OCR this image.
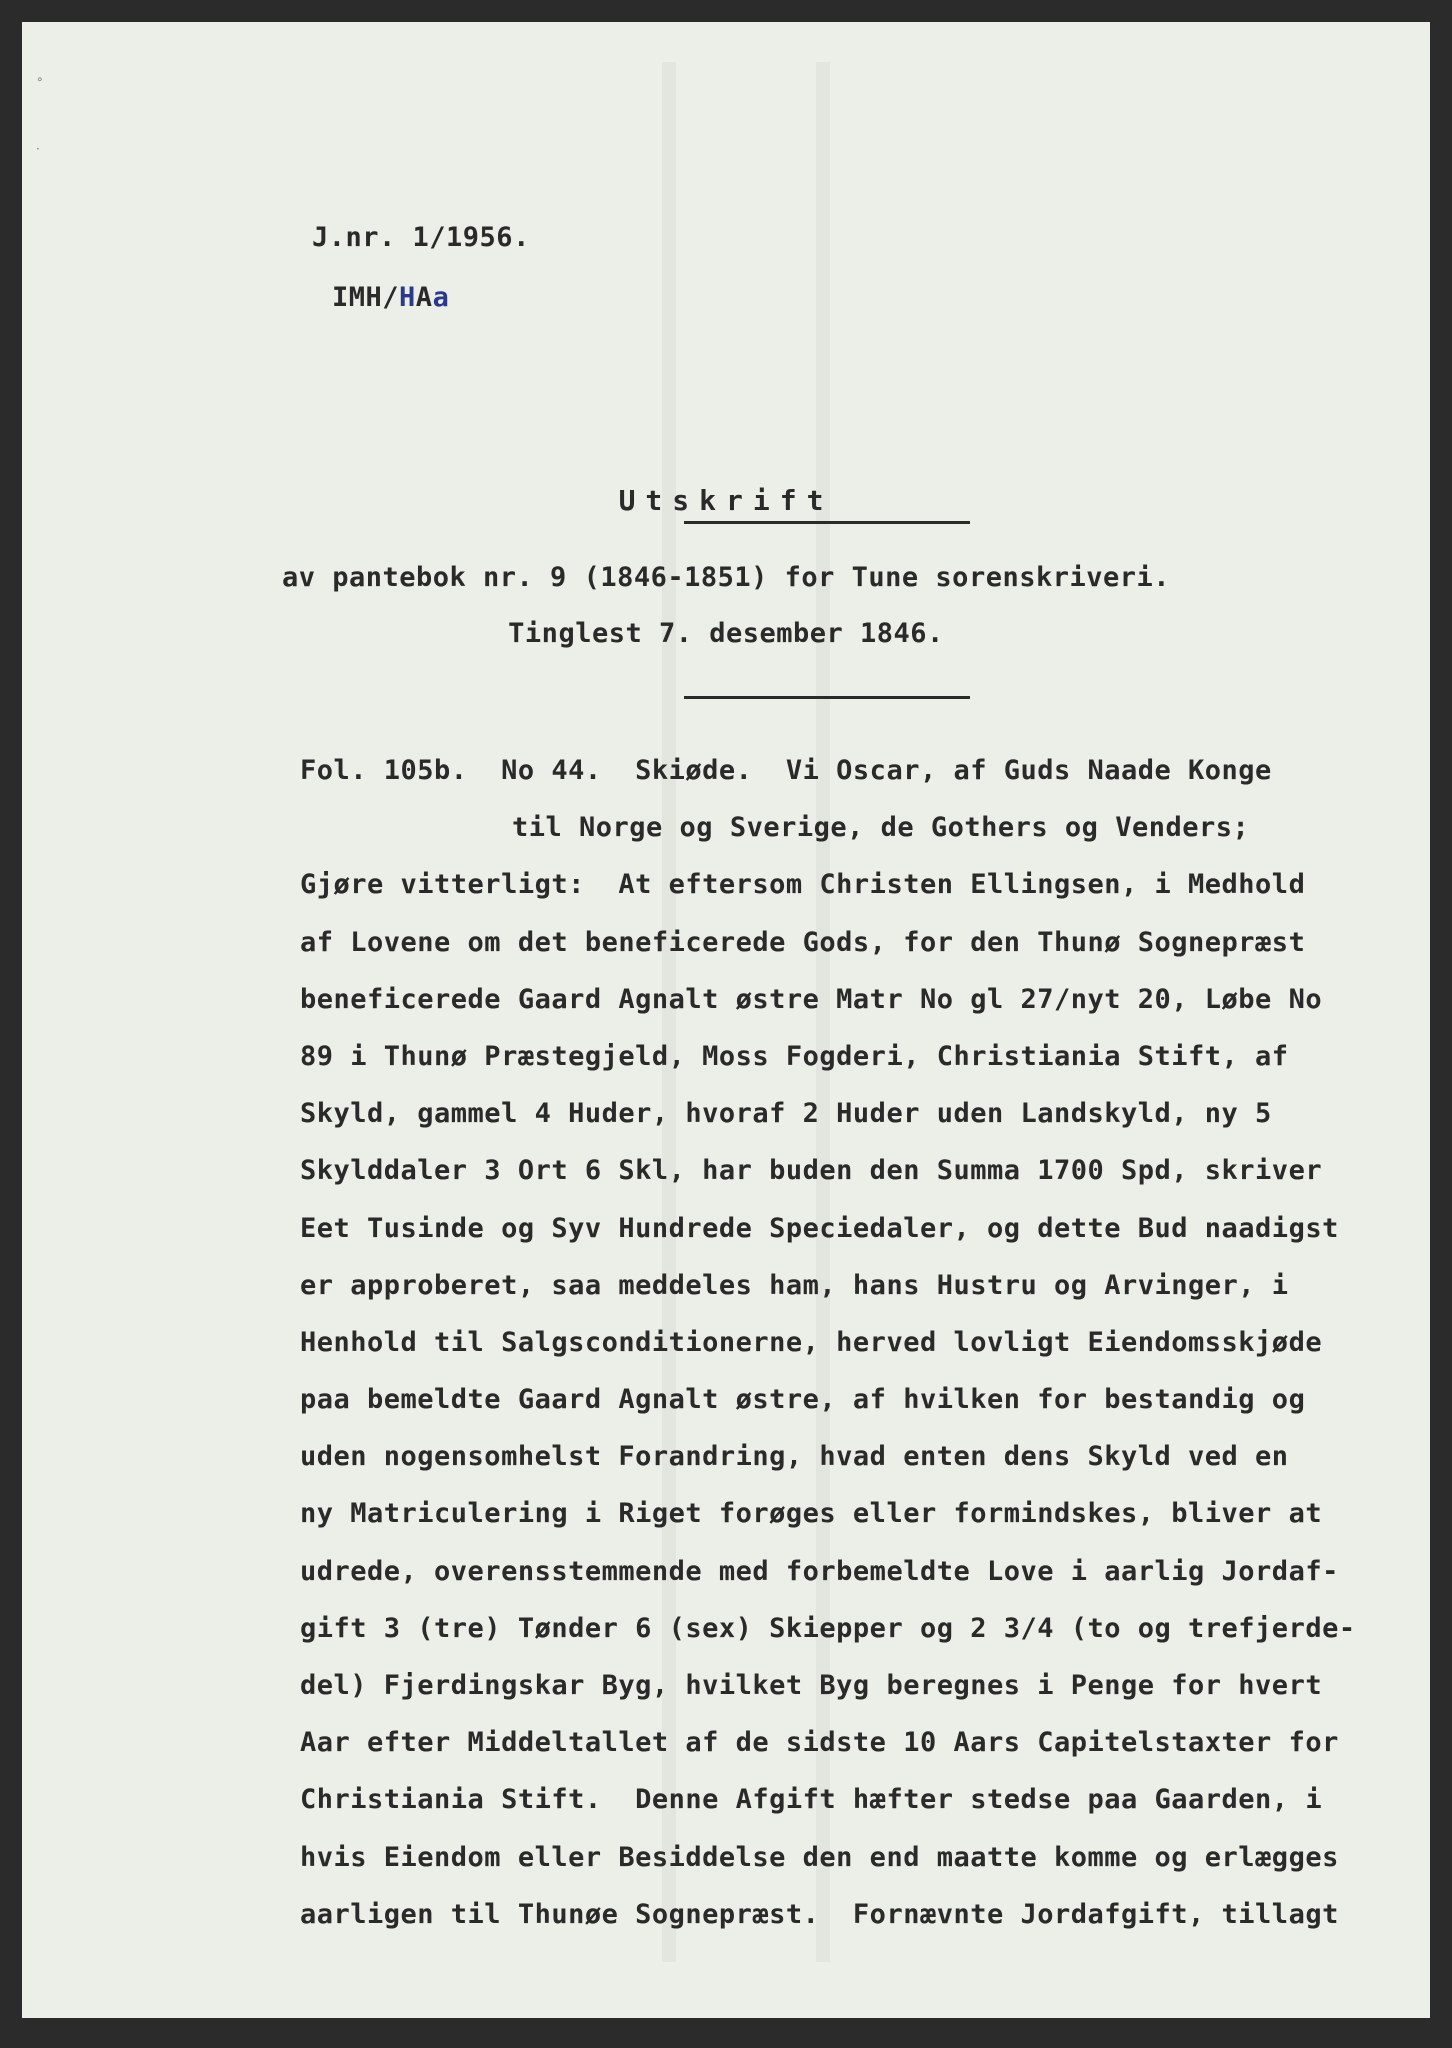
∘
·
J.nr. 1/1956.
IMH/HAa
Utskrift
av pantebok nr. 9 (1846-1851) for Tune sorenskriveri.
Tinglest 7. desember 1846.
Fol. 105b.  No 44.  Skiøde.  Vi Oscar, af Guds Naade Konge
til Norge og Sverige, de Gothers og Venders;
Gjøre vitterligt:  At eftersom Christen Ellingsen, i Medhold
af Lovene om det beneficerede Gods, for den Thunø Sognepræst
beneficerede Gaard Agnalt østre Matr No gl 27/nyt 20, Løbe No
89 i Thunø Præstegjeld, Moss Fogderi, Christiania Stift, af
Skyld, gammel 4 Huder, hvoraf 2 Huder uden Landskyld, ny 5
Skylddaler 3 Ort 6 Skl, har buden den Summa 1700 Spd, skriver
Eet Tusinde og Syv Hundrede Speciedaler, og dette Bud naadigst
er approberet, saa meddeles ham, hans Hustru og Arvinger, i
Henhold til Salgsconditionerne, herved lovligt Eiendomsskjøde
paa bemeldte Gaard Agnalt østre, af hvilken for bestandig og
uden nogensomhelst Forandring, hvad enten dens Skyld ved en
ny Matriculering i Riget forøges eller formindskes, bliver at
udrede, overensstemmende med forbemeldte Love i aarlig Jordaf-
gift 3 (tre) Tønder 6 (sex) Skiepper og 2 3/4 (to og trefjerde-
del) Fjerdingskar Byg, hvilket Byg beregnes i Penge for hvert
Aar efter Middeltallet af de sidste 10 Aars Capitelstaxter for
Christiania Stift.  Denne Afgift hæfter stedse paa Gaarden, i
hvis Eiendom eller Besiddelse den end maatte komme og erlægges
aarligen til Thunøe Sognepræst.  Fornævnte Jordafgift, tillagt
